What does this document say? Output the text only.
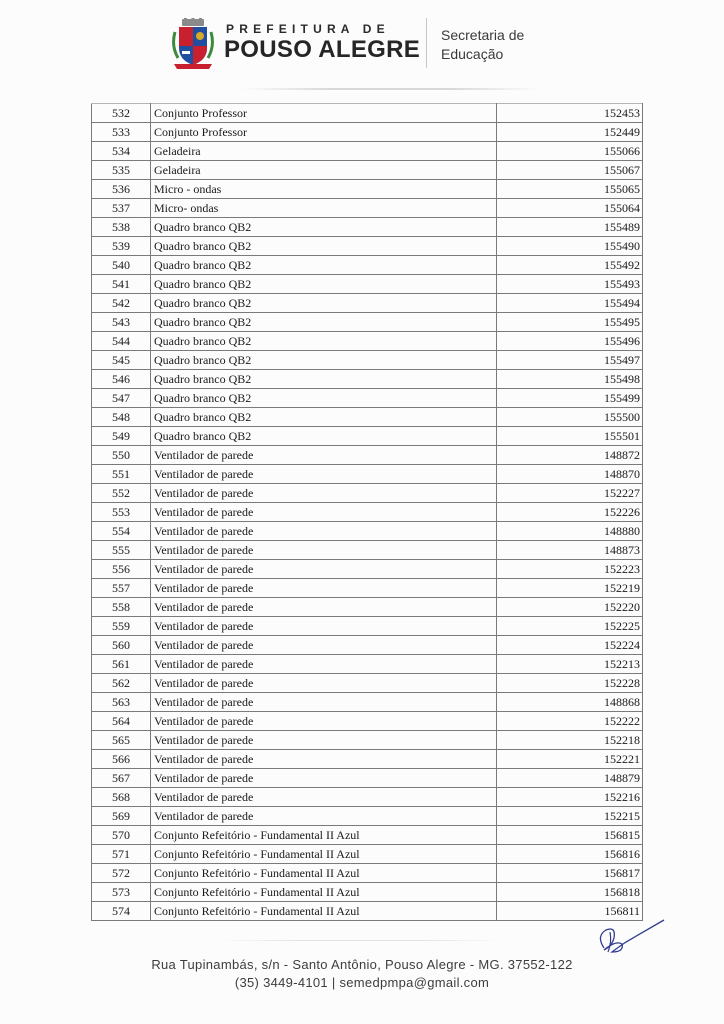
PREFEITURA DE
POUSO ALEGRE
Secretaria de
Educação
532	Conjunto Professor	152453
533	Conjunto Professor	152449
534	Geladeira	155066
535	Geladeira	155067
536	Micro - ondas	155065
537	Micro- ondas	155064
538	Quadro branco QB2	155489
539	Quadro branco QB2	155490
540	Quadro branco QB2	155492
541	Quadro branco QB2	155493
542	Quadro branco QB2	155494
543	Quadro branco QB2	155495
544	Quadro branco QB2	155496
545	Quadro branco QB2	155497
546	Quadro branco QB2	155498
547	Quadro branco QB2	155499
548	Quadro branco QB2	155500
549	Quadro branco QB2	155501
550	Ventilador de parede	148872
551	Ventilador de parede	148870
552	Ventilador de parede	152227
553	Ventilador de parede	152226
554	Ventilador de parede	148880
555	Ventilador de parede	148873
556	Ventilador de parede	152223
557	Ventilador de parede	152219
558	Ventilador de parede	152220
559	Ventilador de parede	152225
560	Ventilador de parede	152224
561	Ventilador de parede	152213
562	Ventilador de parede	152228
563	Ventilador de parede	148868
564	Ventilador de parede	152222
565	Ventilador de parede	152218
566	Ventilador de parede	152221
567	Ventilador de parede	148879
568	Ventilador de parede	152216
569	Ventilador de parede	152215
570	Conjunto Refeitório - Fundamental II Azul	156815
571	Conjunto Refeitório - Fundamental II Azul	156816
572	Conjunto Refeitório - Fundamental II Azul	156817
573	Conjunto Refeitório - Fundamental II Azul	156818
574	Conjunto Refeitório - Fundamental II Azul	156811
Rua Tupinambás, s/n - Santo Antônio, Pouso Alegre - MG. 37552-122
(35) 3449-4101 | semedpmpa@gmail.com
